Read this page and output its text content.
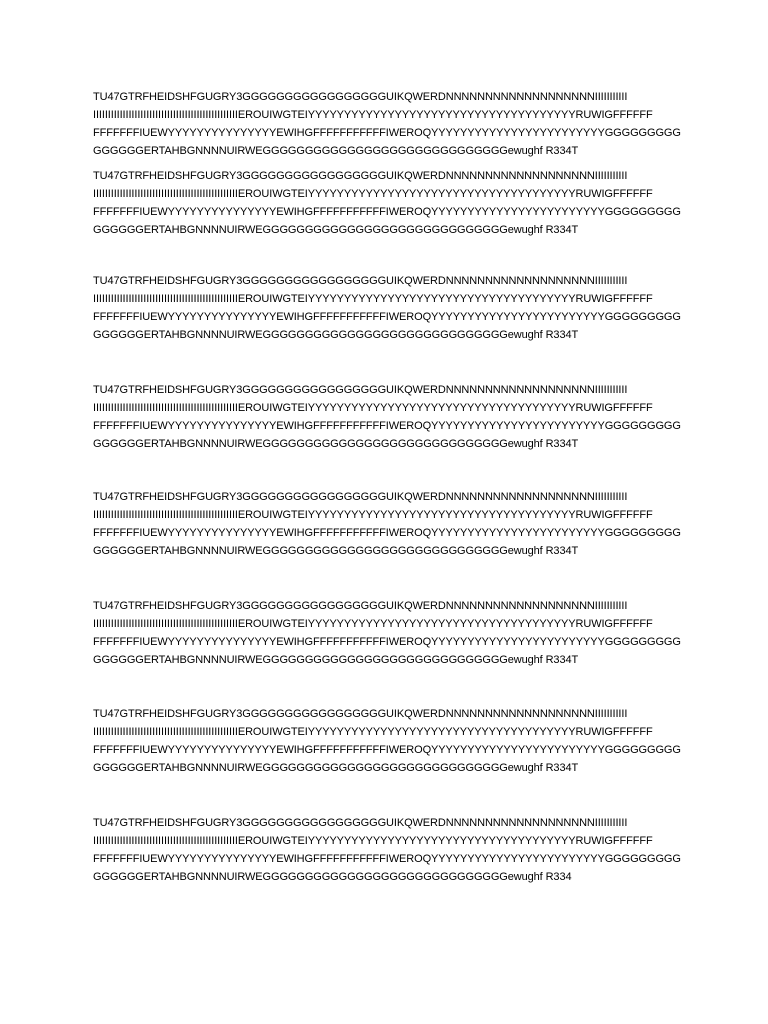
TU47GTRFHEIDSHFGUGRY3GGGGGGGGGGGGGGGGGUIKQWERDNNNNNNNNNNNNNNNNNNNIIIIIIIIIII
IIIIIIIIIIIIIIIIIIIIIIIIIIIIIIIIIIIIIIIIIIIIIIIIIEROUIWGTEIYYYYYYYYYYYYYYYYYYYYYYYYYYYYYYYYYYYYYRUWIGFFFFFF
FFFFFFFIUEWYYYYYYYYYYYYYYYEWIHGFFFFFFFFFFFIWEROQYYYYYYYYYYYYYYYYYYYYYYYYGGGGGGGGG
GGGGGGERTAHBGNNNNUIRWEGGGGGGGGGGGGGGGGGGGGGGGGGGGGGewughf R334T
TU47GTRFHEIDSHFGUGRY3GGGGGGGGGGGGGGGGGUIKQWERDNNNNNNNNNNNNNNNNNNNIIIIIIIIIII
IIIIIIIIIIIIIIIIIIIIIIIIIIIIIIIIIIIIIIIIIIIIIIIIIEROUIWGTEIYYYYYYYYYYYYYYYYYYYYYYYYYYYYYYYYYYYYYRUWIGFFFFFF
FFFFFFFIUEWYYYYYYYYYYYYYYYEWIHGFFFFFFFFFFFIWEROQYYYYYYYYYYYYYYYYYYYYYYYYGGGGGGGGG
GGGGGGERTAHBGNNNNUIRWEGGGGGGGGGGGGGGGGGGGGGGGGGGGGGewughf R334T
TU47GTRFHEIDSHFGUGRY3GGGGGGGGGGGGGGGGGUIKQWERDNNNNNNNNNNNNNNNNNNNIIIIIIIIIII
IIIIIIIIIIIIIIIIIIIIIIIIIIIIIIIIIIIIIIIIIIIIIIIIIEROUIWGTEIYYYYYYYYYYYYYYYYYYYYYYYYYYYYYYYYYYYYYRUWIGFFFFFF
FFFFFFFIUEWYYYYYYYYYYYYYYYEWIHGFFFFFFFFFFFIWEROQYYYYYYYYYYYYYYYYYYYYYYYYGGGGGGGGG
GGGGGGERTAHBGNNNNUIRWEGGGGGGGGGGGGGGGGGGGGGGGGGGGGGewughf R334T
TU47GTRFHEIDSHFGUGRY3GGGGGGGGGGGGGGGGGUIKQWERDNNNNNNNNNNNNNNNNNNNIIIIIIIIIII
IIIIIIIIIIIIIIIIIIIIIIIIIIIIIIIIIIIIIIIIIIIIIIIIIEROUIWGTEIYYYYYYYYYYYYYYYYYYYYYYYYYYYYYYYYYYYYYRUWIGFFFFFF
FFFFFFFIUEWYYYYYYYYYYYYYYYEWIHGFFFFFFFFFFFIWEROQYYYYYYYYYYYYYYYYYYYYYYYYGGGGGGGGG
GGGGGGERTAHBGNNNNUIRWEGGGGGGGGGGGGGGGGGGGGGGGGGGGGGewughf R334T
TU47GTRFHEIDSHFGUGRY3GGGGGGGGGGGGGGGGGUIKQWERDNNNNNNNNNNNNNNNNNNNIIIIIIIIIII
IIIIIIIIIIIIIIIIIIIIIIIIIIIIIIIIIIIIIIIIIIIIIIIIIEROUIWGTEIYYYYYYYYYYYYYYYYYYYYYYYYYYYYYYYYYYYYYRUWIGFFFFFF
FFFFFFFIUEWYYYYYYYYYYYYYYYEWIHGFFFFFFFFFFFIWEROQYYYYYYYYYYYYYYYYYYYYYYYYGGGGGGGGG
GGGGGGERTAHBGNNNNUIRWEGGGGGGGGGGGGGGGGGGGGGGGGGGGGGewughf R334T
TU47GTRFHEIDSHFGUGRY3GGGGGGGGGGGGGGGGGUIKQWERDNNNNNNNNNNNNNNNNNNNIIIIIIIIIII
IIIIIIIIIIIIIIIIIIIIIIIIIIIIIIIIIIIIIIIIIIIIIIIIIEROUIWGTEIYYYYYYYYYYYYYYYYYYYYYYYYYYYYYYYYYYYYYRUWIGFFFFFF
FFFFFFFIUEWYYYYYYYYYYYYYYYEWIHGFFFFFFFFFFFIWEROQYYYYYYYYYYYYYYYYYYYYYYYYGGGGGGGGG
GGGGGGERTAHBGNNNNUIRWEGGGGGGGGGGGGGGGGGGGGGGGGGGGGGewughf R334T
TU47GTRFHEIDSHFGUGRY3GGGGGGGGGGGGGGGGGUIKQWERDNNNNNNNNNNNNNNNNNNNIIIIIIIIIII
IIIIIIIIIIIIIIIIIIIIIIIIIIIIIIIIIIIIIIIIIIIIIIIIIEROUIWGTEIYYYYYYYYYYYYYYYYYYYYYYYYYYYYYYYYYYYYYRUWIGFFFFFF
FFFFFFFIUEWYYYYYYYYYYYYYYYEWIHGFFFFFFFFFFFIWEROQYYYYYYYYYYYYYYYYYYYYYYYYGGGGGGGGG
GGGGGGERTAHBGNNNNUIRWEGGGGGGGGGGGGGGGGGGGGGGGGGGGGGewughf R334T
TU47GTRFHEIDSHFGUGRY3GGGGGGGGGGGGGGGGGUIKQWERDNNNNNNNNNNNNNNNNNNNIIIIIIIIIII
IIIIIIIIIIIIIIIIIIIIIIIIIIIIIIIIIIIIIIIIIIIIIIIIIEROUIWGTEIYYYYYYYYYYYYYYYYYYYYYYYYYYYYYYYYYYYYYRUWIGFFFFFF
FFFFFFFIUEWYYYYYYYYYYYYYYYEWIHGFFFFFFFFFFFIWEROQYYYYYYYYYYYYYYYYYYYYYYYYGGGGGGGGG
GGGGGGERTAHBGNNNNUIRWEGGGGGGGGGGGGGGGGGGGGGGGGGGGGGewughf R334
